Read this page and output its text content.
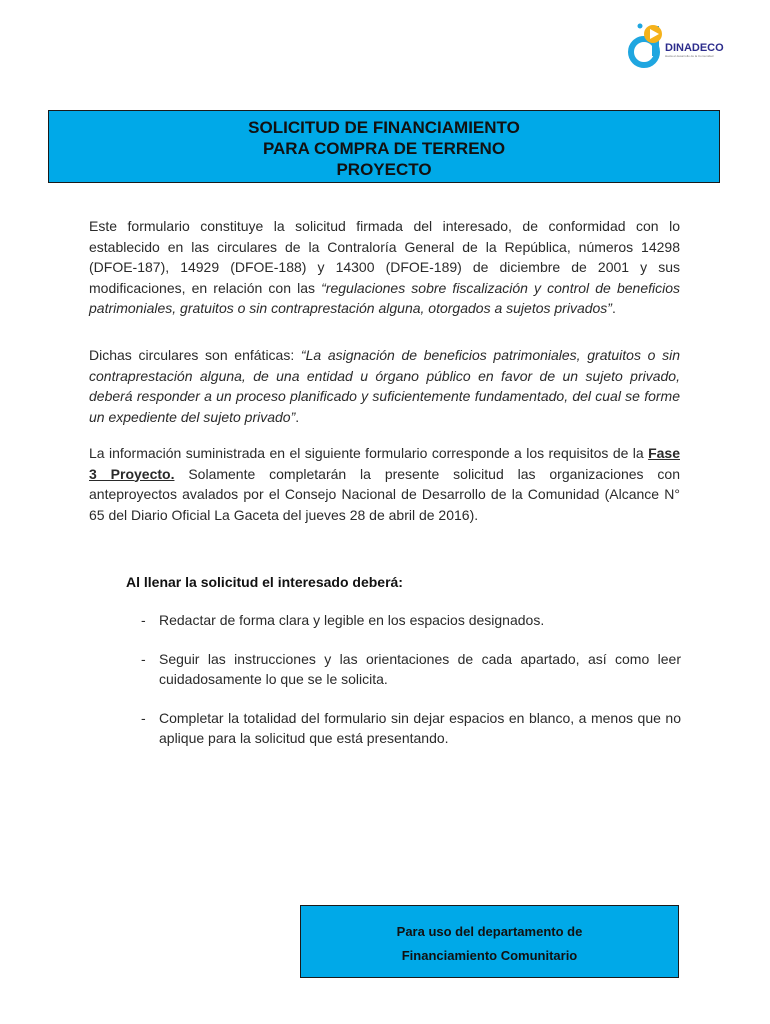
DINADECO
Hacia el desarrollo de la Comunidad
SOLICITUD DE FINANCIAMIENTO
PARA COMPRA DE TERRENO
PROYECTO

Este formulario constituye la solicitud firmada del interesado, de conformidad con lo establecido en las circulares de la Contraloría General de la República, números 14298 (DFOE-187), 14929 (DFOE-188) y 14300 (DFOE-189) de diciembre de 2001 y sus modificaciones, en relación con las “regulaciones sobre fiscalización y control de beneficios patrimoniales, gratuitos o sin contraprestación alguna, otorgados a sujetos privados”.

Dichas circulares son enfáticas: “La asignación de beneficios patrimoniales, gratuitos o sin contraprestación alguna, de una entidad u órgano público en favor de un sujeto privado, deberá responder a un proceso planificado y suficientemente fundamentado, del cual se forme un expediente del sujeto privado”.

La información suministrada en el siguiente formulario corresponde a los requisitos de la Fase 3 Proyecto. Solamente completarán la presente solicitud las organizaciones con anteproyectos avalados por el Consejo Nacional de Desarrollo de la Comunidad (Alcance N° 65 del Diario Oficial La Gaceta del jueves 28 de abril de 2016).

Al llenar la solicitud el interesado deberá:
- Redactar de forma clara y legible en los espacios designados.
- Seguir las instrucciones y las orientaciones de cada apartado, así como leer cuidadosamente lo que se le solicita.
- Completar la totalidad del formulario sin dejar espacios en blanco, a menos que no aplique para la solicitud que está presentando.
Para uso del departamento de
Financiamiento Comunitario
